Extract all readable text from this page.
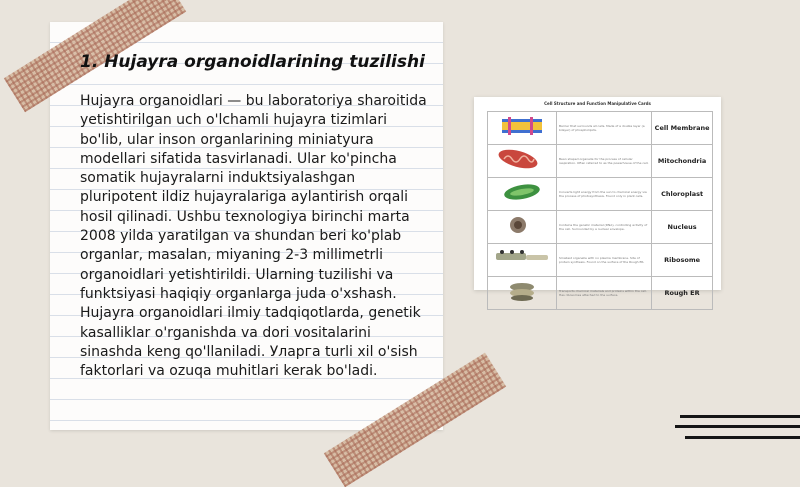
1. Hujayra organoidlarining tuzilishi

Hujayra organoidlari — bu laboratoriya sharoitida yetishtirilgan uch o'lchamli hujayra tizimlari bo'lib, ular inson organlarining miniatyura modellari sifatida tasvirlanadi. Ular ko'pincha somatik hujayralarni induktsiyalashgan pluripotent ildiz hujayralariga aylantirish orqali hosil qilinadi. Ushbu texnologiya birinchi marta 2008 yilda yaratilgan va shundan beri ko'plab organlar, masalan, miyaning 2-3 millimetrli organoidlari yetishtirildi. Ularning tuzilishi va funktsiyasi haqiqiy organlarga juda o'xshash. Hujayra organoidlari ilmiy tadqiqotlarda, genetik kasalliklar o'rganishda va dori vositalarini sinashda keng qo'llaniladi. Уларга turli xil o'sish faktorlari va ozuqa muhitlari kerak bo'ladi.

Cell Structure and Function Manipulative Cards
	Barrier that surrounds all cells. Made of a double layer (a bilayer) of phospholipids.	Cell Membrane
	Bean shaped organelle for the process of cellular respiration. Often referred to as the powerhouse of the cell.	Mitochondria
	Converts light energy from the sun to chemical energy via the process of photosynthesis. Found only in plant cells.	Chloroplast
	Contains the genetic material (DNA), controlling activity of the cell. Surrounded by a nuclear envelope.	Nucleus
	Smallest organelle with no plasma membrane. Site of protein synthesis. Found on the surface of the Rough ER.	Ribosome
	Transports chemical materials and proteins within the cell. Has ribosomes attached to the surface.	Rough ER
